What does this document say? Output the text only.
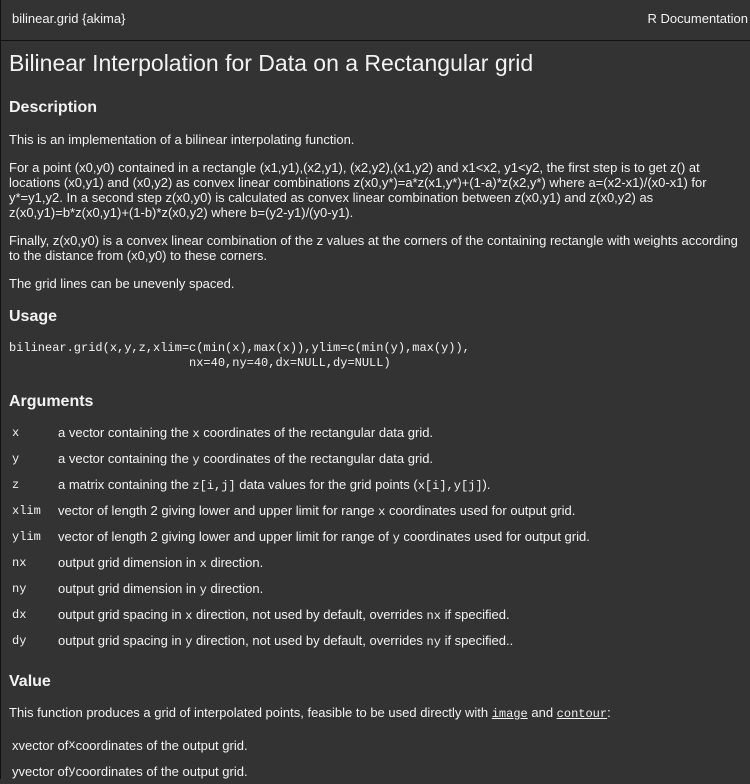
bilinear.grid {akima}	R Documentation
Bilinear Interpolation for Data on a Rectangular grid
Description

This is an implementation of a bilinear interpolating function.

For a point (x0,y0) contained in a rectangle (x1,y1),(x2,y1), (x2,y2),(x1,y2) and x1<x2, y1<y2, the first step is to get z() at locations (x0,y1) and (x0,y2) as convex linear combinations z(x0,y*)=a*z(x1,y*)+(1-a)*z(x2,y*) where a=(x2-x1)/(x0-x1) for y*=y1,y2. In a second step z(x0,y0) is calculated as convex linear combination between z(x0,y1) and z(x0,y2) as z(x0,y1)=b*z(x0,y1)+(1-b)*z(x0,y2) where b=(y2-y1)/(y0-y1).

Finally, z(x0,y0) is a convex linear combination of the z values at the corners of the containing rectangle with weights according to the distance from (x0,y0) to these corners.

The grid lines can be unevenly spaced.

Usage
bilinear.grid(x,y,z,xlim=c(min(x),max(x)),ylim=c(min(y),max(y)),
nx=40,ny=40,dx=NULL,dy=NULL)
Arguments
x	a vector containing the x coordinates of the rectangular data grid.
y	a vector containing the y coordinates of the rectangular data grid.
z	a matrix containing the z[i,j] data values for the grid points (x[i],y[j]).
xlim	vector of length 2 giving lower and upper limit for range x coordinates used for output grid.
ylim	vector of length 2 giving lower and upper limit for range of y coordinates used for output grid.
nx	output grid dimension in x direction.
ny	output grid dimension in y direction.
dx	output grid spacing in x direction, not used by default, overrides nx if specified.
dy	output grid spacing in y direction, not used by default, overrides ny if specified..
Value

This function produces a grid of interpolated points, feasible to be used directly with image and contour:

x vector of x coordinates of the output grid.
y vector of y coordinates of the output grid.
